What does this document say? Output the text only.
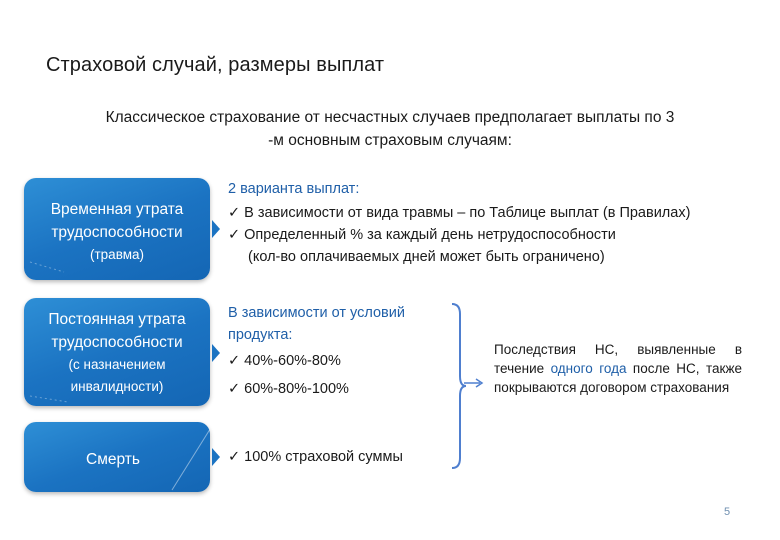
Страховой случай, размеры выплат
Классическое страхование от несчастных случаев предполагает выплаты по 3
-м основным страховым случаям:
Временная утрата
трудоспособности
(травма)
Постоянная утрата
трудоспособности
(с назначением
инвалидности)
Смерть
2 варианта выплат:
✓ В зависимости от вида травмы – по Таблице выплат (в Правилах)
✓ Определенный % за каждый день нетрудоспособности
(кол-во оплачиваемых дней может быть ограничено)
В зависимости от условий
продукта:
✓ 40%-60%-80%
✓ 60%-80%-100%
✓ 100% страховой суммы
Последствия НС, выявленные в течение одного года после НС, также покрываются договором страхования
5
